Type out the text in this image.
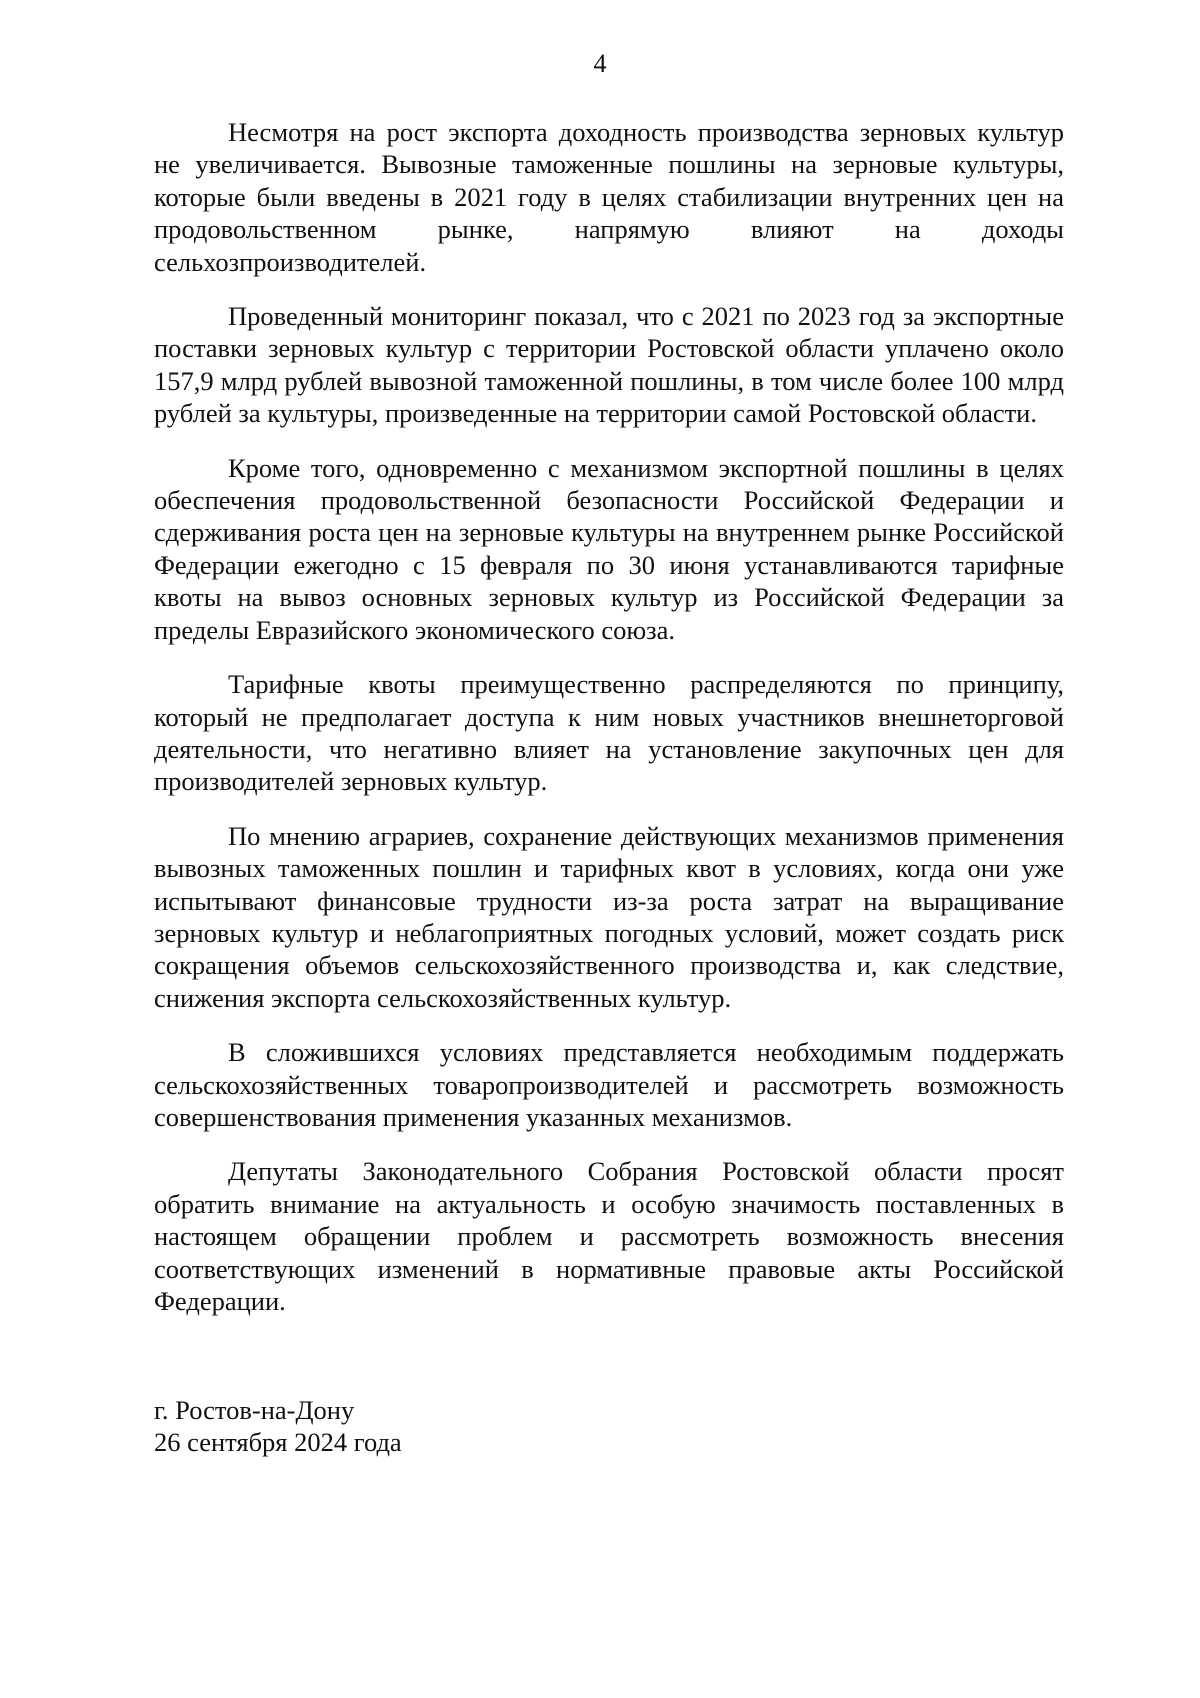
4

Несмотря на рост экспорта доходность производства зерновых культур не увеличивается. Вывозные таможенные пошлины на зерновые культуры, которые были введены в 2021 году в целях стабилизации внутренних цен на продовольственном рынке, напрямую влияют на доходы сельхозпроизводителей.

Проведенный мониторинг показал, что с 2021 по 2023 год за экспортные поставки зерновых культур с территории Ростовской области уплачено около 157,9 млрд рублей вывозной таможенной пошлины, в том числе более 100 млрд рублей за культуры, произведенные на территории самой Ростовской области.

Кроме того, одновременно с механизмом экспортной пошлины в целях обеспечения продовольственной безопасности Российской Федерации и сдерживания роста цен на зерновые культуры на внутреннем рынке Российской Федерации ежегодно с 15 февраля по 30 июня устанавливаются тарифные квоты на вывоз основных зерновых культур из Российской Федерации за пределы Евразийского экономического союза.

Тарифные квоты преимущественно распределяются по принципу, который не предполагает доступа к ним новых участников внешнеторговой деятельности, что негативно влияет на установление закупочных цен для производителей зерновых культур.

По мнению аграриев, сохранение действующих механизмов применения вывозных таможенных пошлин и тарифных квот в условиях, когда они уже испытывают финансовые трудности из-за роста затрат на выращивание зерновых культур и неблагоприятных погодных условий, может создать риск сокращения объемов сельскохозяйственного производства и, как следствие, снижения экспорта сельскохозяйственных культур.

В сложившихся условиях представляется необходимым поддержать сельскохозяйственных товаропроизводителей и рассмотреть возможность совершенствования применения указанных механизмов.

Депутаты Законодательного Собрания Ростовской области просят обратить внимание на актуальность и особую значимость поставленных в настоящем обращении проблем и рассмотреть возможность внесения соответствующих изменений в нормативные правовые акты Российской Федерации.

г. Ростов-на-Дону
26 сентября 2024 года
